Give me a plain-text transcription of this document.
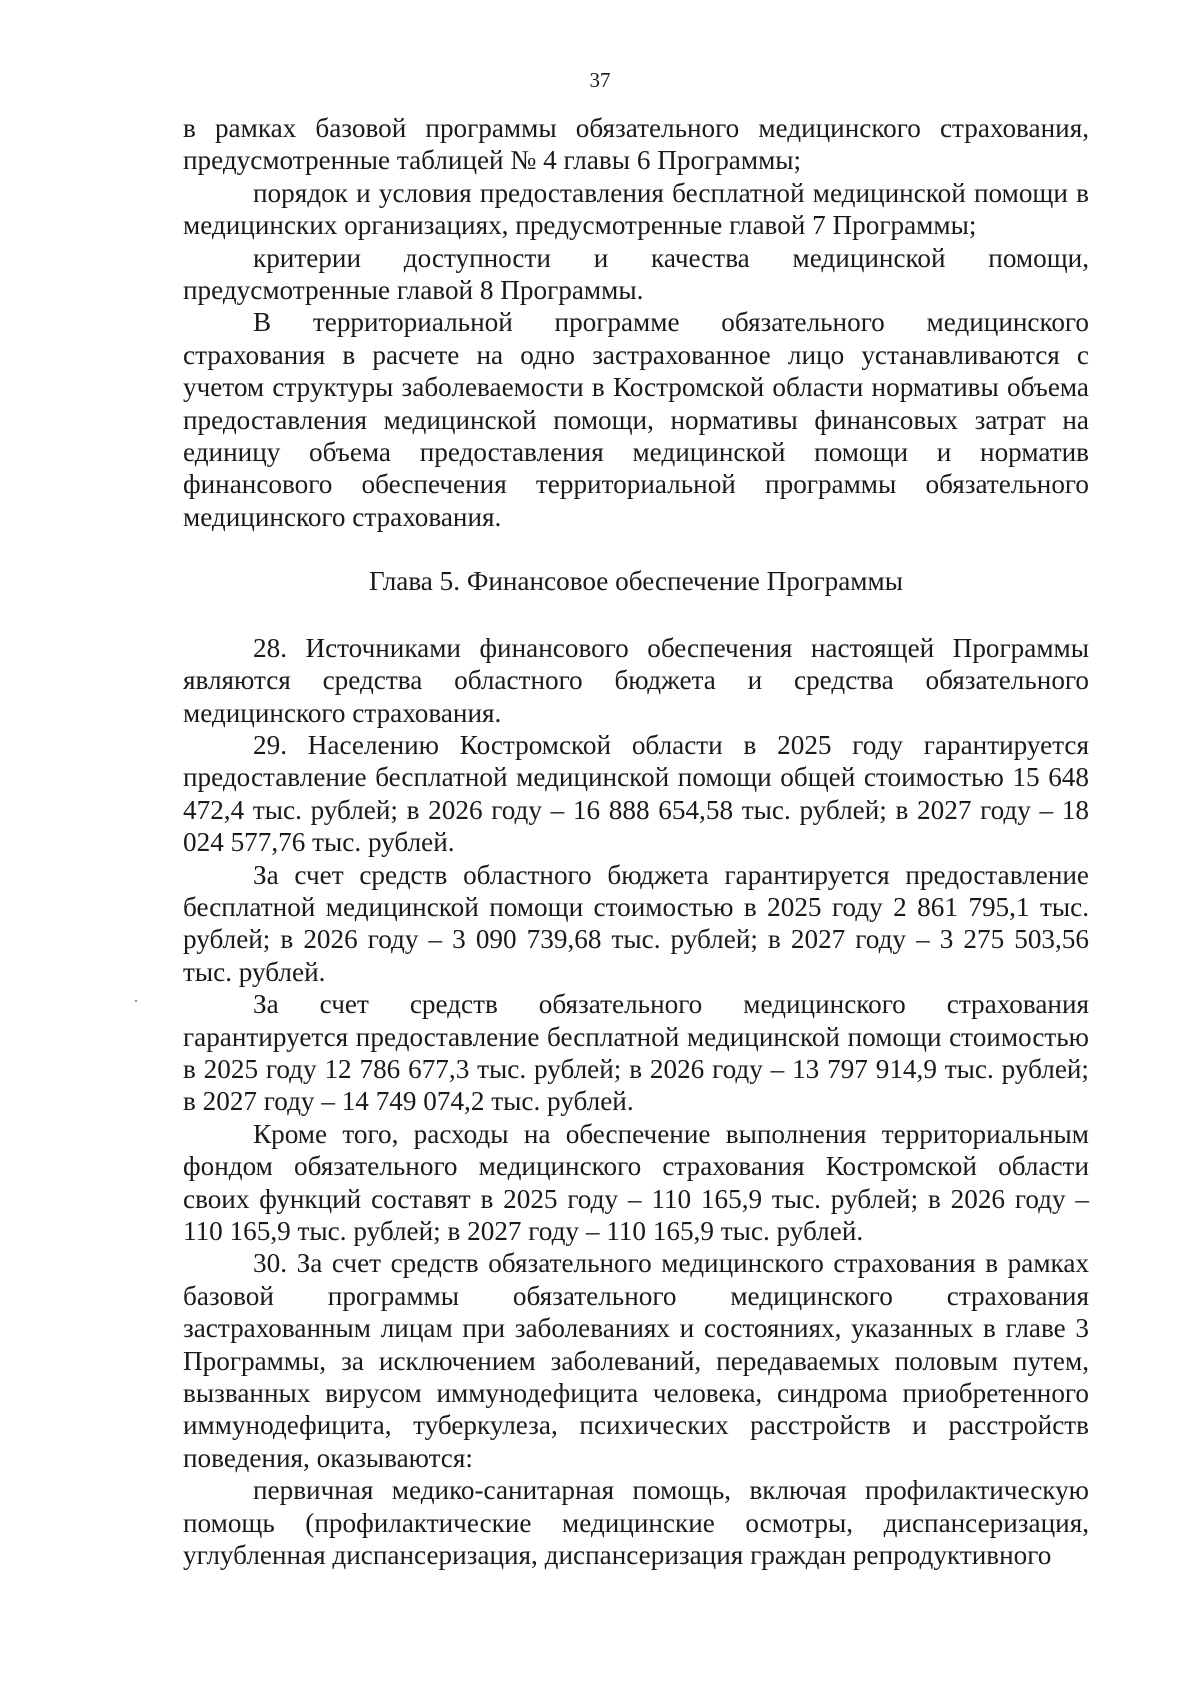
37

в рамках базовой программы обязательного медицинского страхования, предусмотренные таблицей № 4 главы 6 Программы;

порядок и условия предоставления бесплатной медицинской помощи в медицинских организациях, предусмотренные главой 7 Программы;

критерии доступности и качества медицинской помощи, предусмотренные главой 8 Программы.

В территориальной программе обязательного медицинского страхования в расчете на одно застрахованное лицо устанавливаются с учетом структуры заболеваемости в Костромской области нормативы объема предоставления медицинской помощи, нормативы финансовых затрат на единицу объема предоставления медицинской помощи и норматив финансового обеспечения территориальной программы обязательного медицинского страхования.

Глава 5. Финансовое обеспечение Программы

28. Источниками финансового обеспечения настоящей Программы являются средства областного бюджета и средства обязательного медицинского страхования.

29. Населению Костромской области в 2025 году гарантируется предоставление бесплатной медицинской помощи общей стоимостью 15 648 472,4 тыс. рублей; в 2026 году – 16 888 654,58 тыс. рублей; в 2027 году – 18 024 577,76 тыс. рублей.

За счет средств областного бюджета гарантируется предоставление бесплатной медицинской помощи стоимостью в 2025 году 2 861 795,1 тыс. рублей; в 2026 году – 3 090 739,68 тыс. рублей; в 2027 году – 3 275 503,56 тыс. рублей.

За счет средств обязательного медицинского страхования гарантируется предоставление бесплатной медицинской помощи стоимостью в 2025 году 12 786 677,3 тыс. рублей; в 2026 году – 13 797 914,9 тыс. рублей; в 2027 году – 14 749 074,2 тыс. рублей.

Кроме того, расходы на обеспечение выполнения территориальным фондом обязательного медицинского страхования Костромской области своих функций составят в 2025 году – 110 165,9 тыс. рублей; в 2026 году – 110 165,9 тыс. рублей; в 2027 году – 110 165,9 тыс. рублей.

30. За счет средств обязательного медицинского страхования в рамках базовой программы обязательного медицинского страхования застрахованным лицам при заболеваниях и состояниях, указанных в главе 3 Программы, за исключением заболеваний, передаваемых половым путем, вызванных вирусом иммунодефицита человека, синдрома приобретенного иммунодефицита, туберкулеза, психических расстройств и расстройств поведения, оказываются:

первичная медико-санитарная помощь, включая профилактическую помощь (профилактические медицинские осмотры, диспансеризация, углубленная диспансеризация, диспансеризация граждан репродуктивного
